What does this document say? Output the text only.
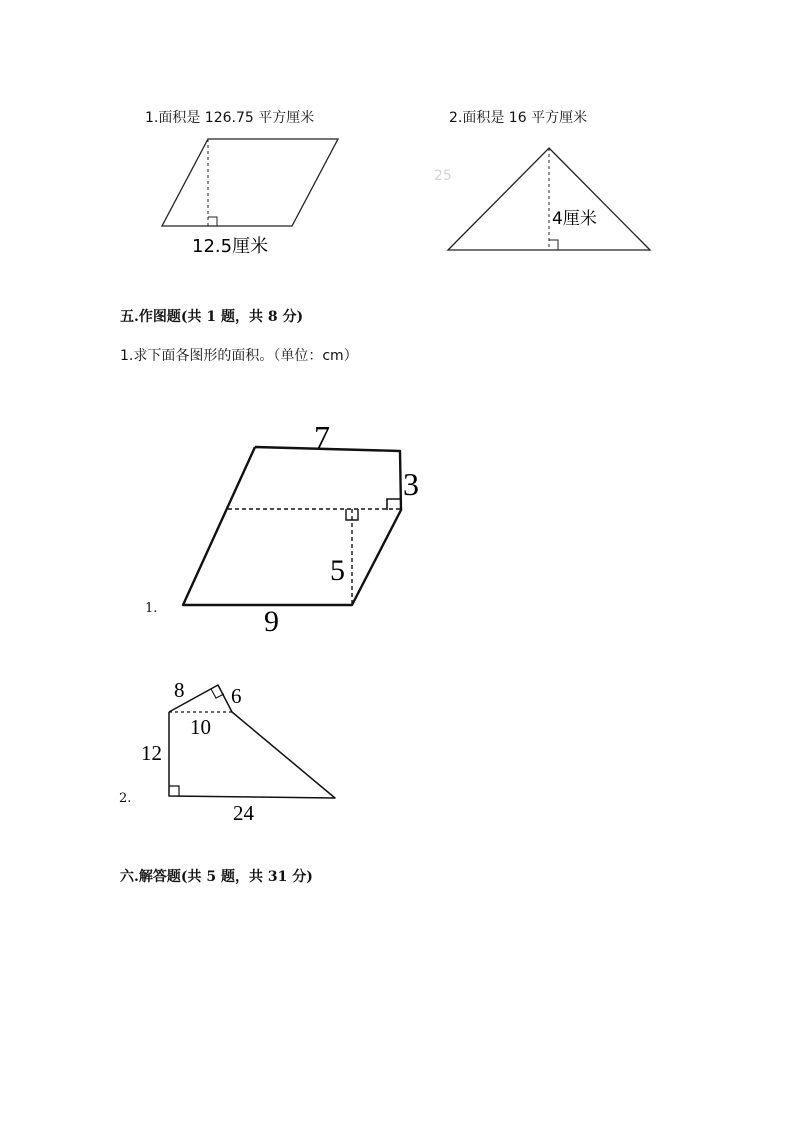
1.面积是 126.75 平方厘米	2.面积是 16 平方厘米
12.5厘米
4厘米
25
五.作图题(共 1 题，共 8 分)
1.求下面各图形的面积。（单位：cm）
1.
7
3
5
9
2.
8 6
10
12
24
六.解答题(共 5 题，共 31 分)
